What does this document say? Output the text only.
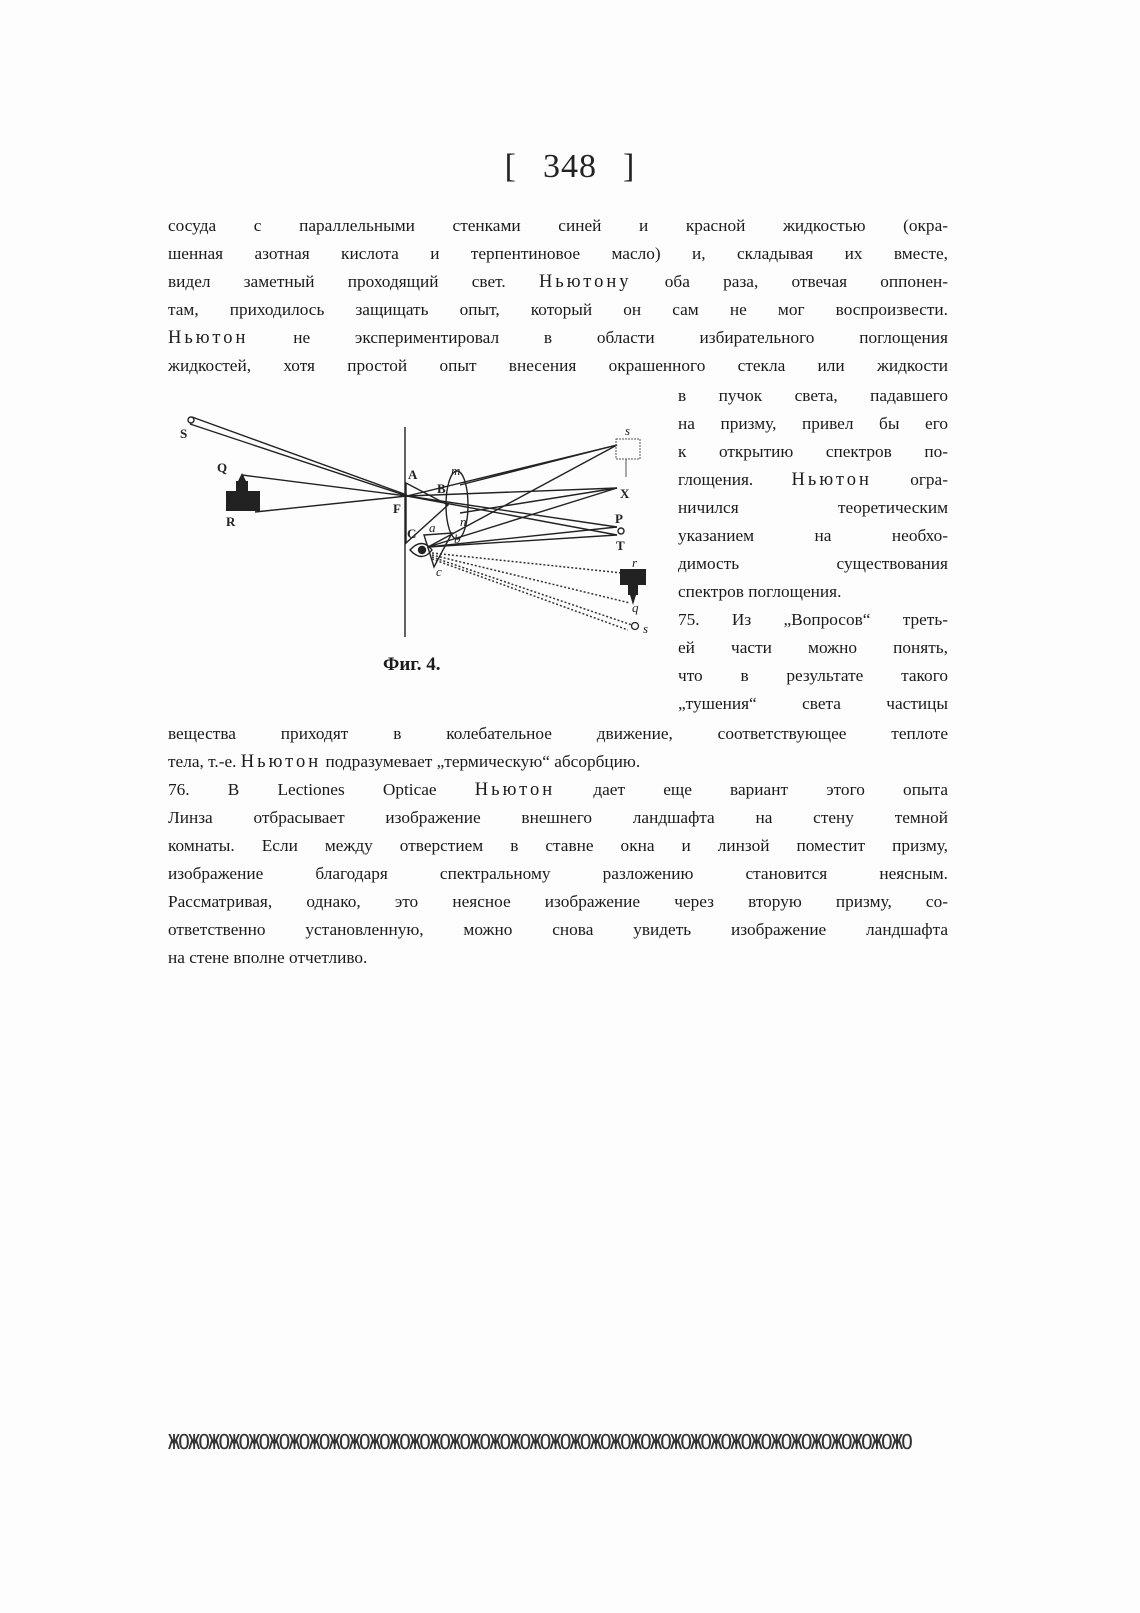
[ 348 ]
сосуда с параллельными стенками синей и красной жидкостью (окра-
шенная азотная кислота и терпентиновое масло) и, складывая их вместе,
видел заметный проходящий свет. Ньютону оба раза, отвечая оппонен-
там, приходилось защищать опыт, который он сам не мог воспроизвести.
Ньютон не экспериментировал в области избирательного поглощения
жидкостей, хотя простой опыт внесения окрашенного стекла или жидкости
в пучок света, падавшего
на призму, привел бы его
к открытию спектров по-
глощения. Ньютон огра-
ничился теоретическим
указанием на необхо-
димость существования
спектров поглощения.
75. Из „Вопросов“ треть-
ей части можно понять,
что в результате такого
„тушения“ света частицы
вещества приходят в колебательное движение, соответствующее теплоте
тела, т.-е. Ньютон подразумевает „термическую“ абсорбцию.
76. В Lectiones Opticae Ньютон дает еще вариант этого опыта
Линза отбрасывает изображение внешнего ландшафта на стену темной
комнаты. Если между отверстием в ставне окна и линзой поместит призму,
изображение благодаря спектральному разложению становится неясным.
Рассматривая, однако, это неясное изображение через вторую призму, со-
ответственно установленную, можно снова увидеть изображение ландшафта
на стене вполне отчетливо.
S
Q
R
F
A
B
C
X
P
T
m
n
a
b
c
s
r
q
s
Фиг. 4.
ЖОЖОЖОЖОЖОЖОЖОЖОЖОЖОЖОЖОЖОЖОЖОЖОЖОЖОЖОЖОЖОЖОЖОЖОЖОЖОЖОЖОЖОЖОЖОЖОЖОЖОЖОЖОЖО
